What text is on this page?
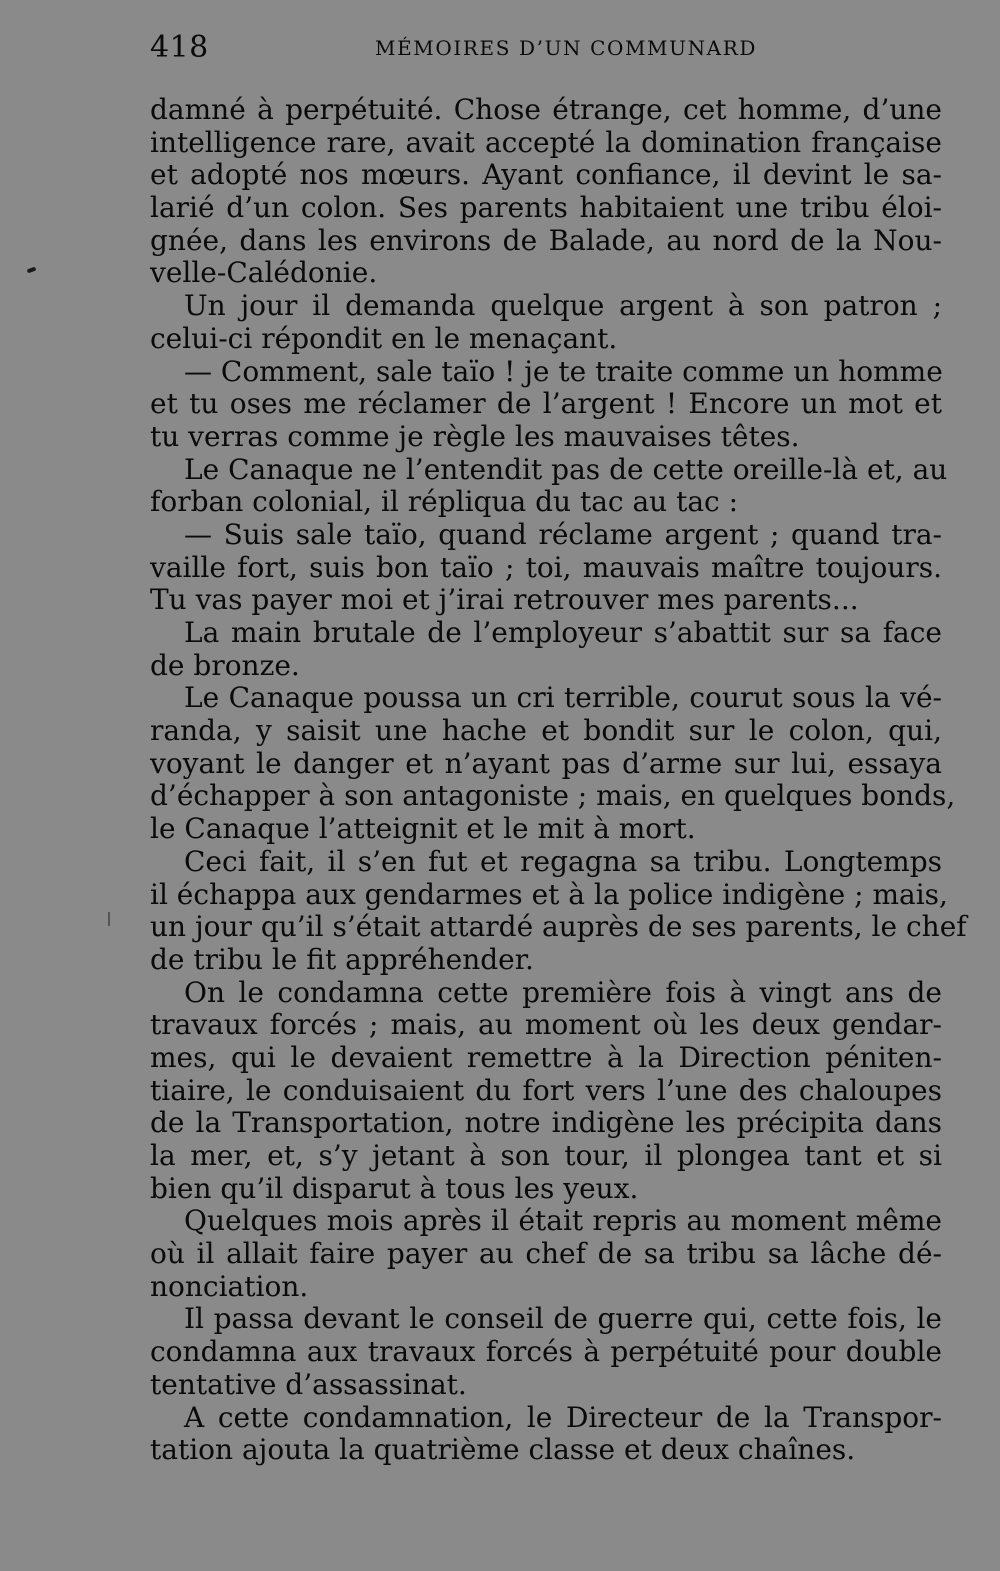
418	MÉMOIRES D’UN COMMUNARD
damné à perpétuité. Chose étrange, cet homme, d’une
intelligence rare, avait accepté la domination française
et adopté nos mœurs. Ayant confiance, il devint le sa-
larié d’un colon. Ses parents habitaient une tribu éloi-
gnée, dans les environs de Balade, au nord de la Nou-
velle-Calédonie.
Un jour il demanda quelque argent à son patron ;
celui-ci répondit en le menaçant.
— Comment, sale taïo ! je te traite comme un homme
et tu oses me réclamer de l’argent ! Encore un mot et
tu verras comme je règle les mauvaises têtes.
Le Canaque ne l’entendit pas de cette oreille-là et, au
forban colonial, il répliqua du tac au tac :
— Suis sale taïo, quand réclame argent ; quand tra-
vaille fort, suis bon taïo ; toi, mauvais maître toujours.
Tu vas payer moi et j’irai retrouver mes parents...
La main brutale de l’employeur s’abattit sur sa face
de bronze.
Le Canaque poussa un cri terrible, courut sous la vé-
randa, y saisit une hache et bondit sur le colon, qui,
voyant le danger et n’ayant pas d’arme sur lui, essaya
d’échapper à son antagoniste ; mais, en quelques bonds,
le Canaque l’atteignit et le mit à mort.
Ceci fait, il s’en fut et regagna sa tribu. Longtemps
il échappa aux gendarmes et à la police indigène ; mais,
un jour qu’il s’était attardé auprès de ses parents, le chef
de tribu le fit appréhender.
On le condamna cette première fois à vingt ans de
travaux forcés ; mais, au moment où les deux gendar-
mes, qui le devaient remettre à la Direction péniten-
tiaire, le conduisaient du fort vers l’une des chaloupes
de la Transportation, notre indigène les précipita dans
la mer, et, s’y jetant à son tour, il plongea tant et si
bien qu’il disparut à tous les yeux.
Quelques mois après il était repris au moment même
où il allait faire payer au chef de sa tribu sa lâche dé-
nonciation.
Il passa devant le conseil de guerre qui, cette fois, le
condamna aux travaux forcés à perpétuité pour double
tentative d’assassinat.
A cette condamnation, le Directeur de la Transpor-
tation ajouta la quatrième classe et deux chaînes.
